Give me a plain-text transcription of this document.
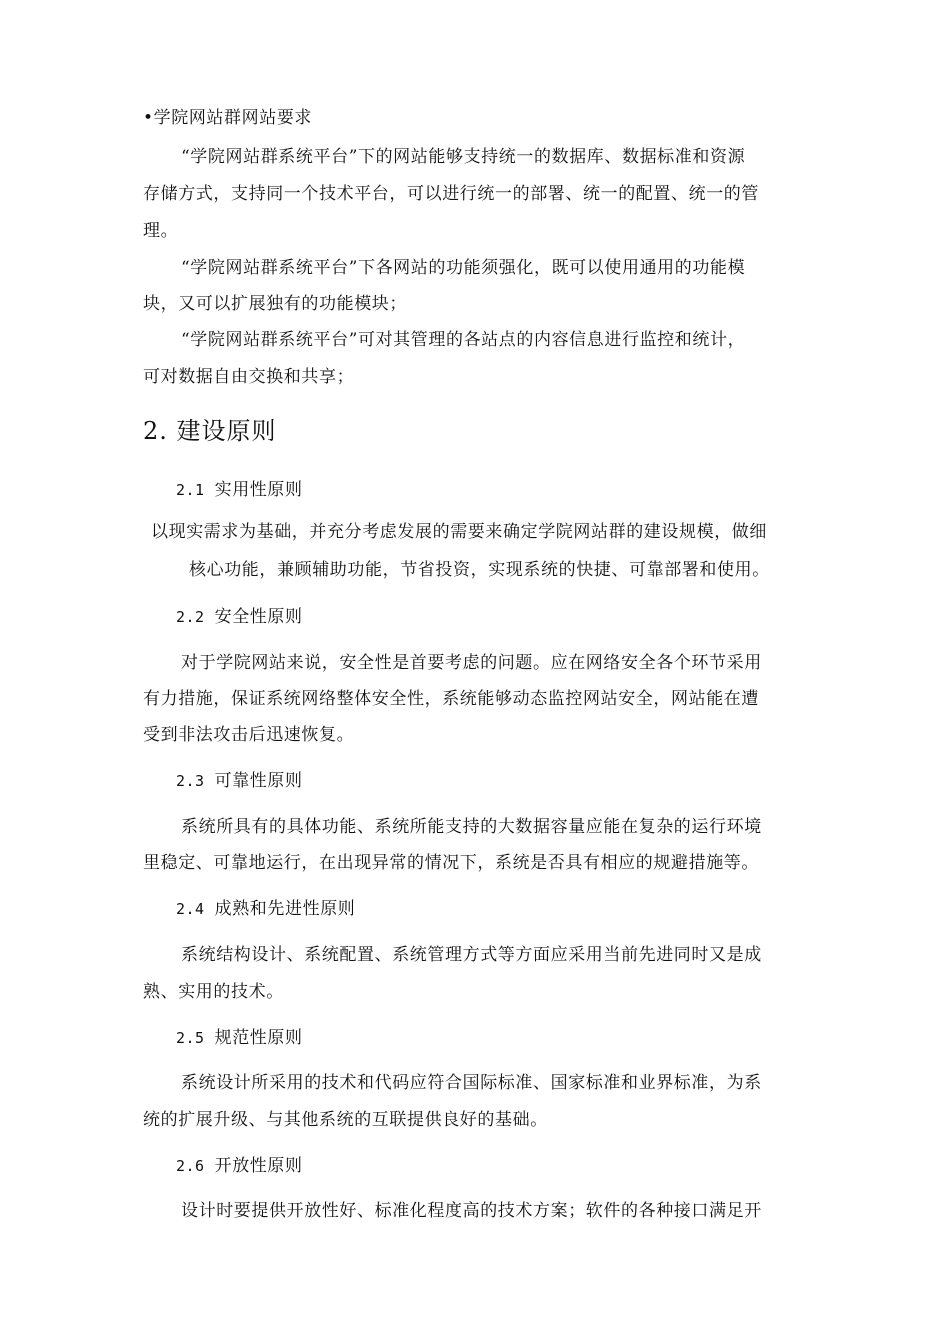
•学院网站群网站要求
“学院网站群系统平台”下的网站能够支持统一的数据库、数据标准和资源
存储方式，支持同一个技术平台，可以进行统一的部署、统一的配置、统一的管
理。
“学院网站群系统平台”下各网站的功能须强化，既可以使用通用的功能模
块，又可以扩展独有的功能模块；
“学院网站群系统平台”可对其管理的各站点的内容信息进行监控和统计，
可对数据自由交换和共享；
2. 建设原则
2.1 实用性原则
以现实需求为基础，并充分考虑发展的需要来确定学院网站群的建设规模，做细
核心功能，兼顾辅助功能，节省投资，实现系统的快捷、可靠部署和使用。
2.2 安全性原则
对于学院网站来说，安全性是首要考虑的问题。应在网络安全各个环节采用
有力措施，保证系统网络整体安全性，系统能够动态监控网站安全，网站能在遭
受到非法攻击后迅速恢复。
2.3 可靠性原则
系统所具有的具体功能、系统所能支持的大数据容量应能在复杂的运行环境
里稳定、可靠地运行，在出现异常的情况下，系统是否具有相应的规避措施等。
2.4 成熟和先进性原则
系统结构设计、系统配置、系统管理方式等方面应采用当前先进同时又是成
熟、实用的技术。
2.5 规范性原则
系统设计所采用的技术和代码应符合国际标准、国家标准和业界标准，为系
统的扩展升级、与其他系统的互联提供良好的基础。
2.6 开放性原则
设计时要提供开放性好、标准化程度高的技术方案；软件的各种接口满足开
